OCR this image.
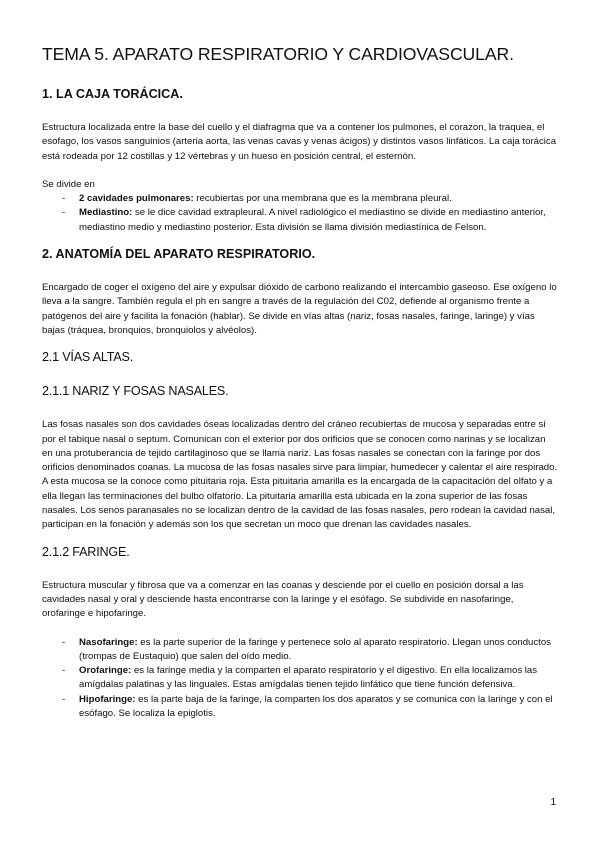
TEMA 5. APARATO RESPIRATORIO Y CARDIOVASCULAR.
1. LA CAJA TORÁCICA.

Estructura localizada entre la base del cuello y el diafragma que va a contener los pulmones, el corazon, la traquea, el esofago, los vasos sanguinios (arteria aorta, las venas cavas y venas ácigos) y distintos vasos linfáticos. La caja torácica está rodeada por 12 costillas y 12 vértebras y un hueso en posición central, el esternón.

Se divide en

- 2 cavidades pulmonares: recubiertas por una membrana que es la membrana pleural.
- Mediastino: se le dice cavidad extrapleural. A nivel radiológico el mediastino se divide en mediastino anterior, mediastino medio y mediastino posterior. Esta división se llama división mediastínica de Felson.
2. ANATOMÍA DEL APARATO RESPIRATORIO.

Encargado de coger el oxígeno del aire y expulsar dióxido de carbono realizando el intercambio gaseoso. Ese oxígeno lo lleva a la sangre. También regula el ph en sangre a través de la regulación del C02, defiende al organismo frente a patógenos del aire y facilita la fonación (hablar). Se divide en vías altas (nariz, fosas nasales, faringe, laringe) y vías bajas (tráquea, bronquios, bronquiolos y alvéolos).

2.1 VÍAS ALTAS.
2.1.1 NARIZ Y FOSAS NASALES.

Las fosas nasales son dos cavidades óseas localizadas dentro del cráneo recubiertas de mucosa y separadas entre sí por el tabique nasal o septum. Comunican con el exterior por dos orificios que se conocen como narinas y se localizan en una protuberancia de tejido cartilaginoso que se llama nariz. Las fosas nasales se conectan con la faringe por dos orificios denominados coanas. La mucosa de las fosas nasales sirve para limpiar, humedecer y calentar el aire respirado. A esta mucosa se la conoce como pituitaria roja. Esta pituitaria amarilla es la encargada de la capacitación del olfato y a ella llegan las terminaciones del bulbo olfatorio. La pituitaria amarilla está ubicada en la zona superior de las fosas nasales. Los senos paranasales no se localizan dentro de la cavidad de las fosas nasales, pero rodean la cavidad nasal, participan en la fonación y además son los que secretan un moco que drenan las cavidades nasales.

2.1.2 FARINGE.

Estructura muscular y fibrosa que va a comenzar en las coanas y desciende por el cuello en posición dorsal a las cavidades nasal y oral y desciende hasta encontrarse con la laringe y el esófago. Se subdivide en nasofaringe, orofaringe e hipofaringe.

- Nasofaringe: es la parte superior de la faringe y pertenece solo al aparato respiratorio. Llegan unos conductos (trompas de Eustaquio) que salen del oído medio.
- Orofaringe: es la faringe media y la comparten el aparato respiratorio y el digestivo. En ella localizamos las amígdalas palatinas y las linguales. Estas amígdalas tienen tejido linfático que tiene función defensiva.
- Hipofaringe: es la parte baja de la faringe, la comparten los dos aparatos y se comunica con la laringe y con el esófago. Se localiza la epiglotis.
1
